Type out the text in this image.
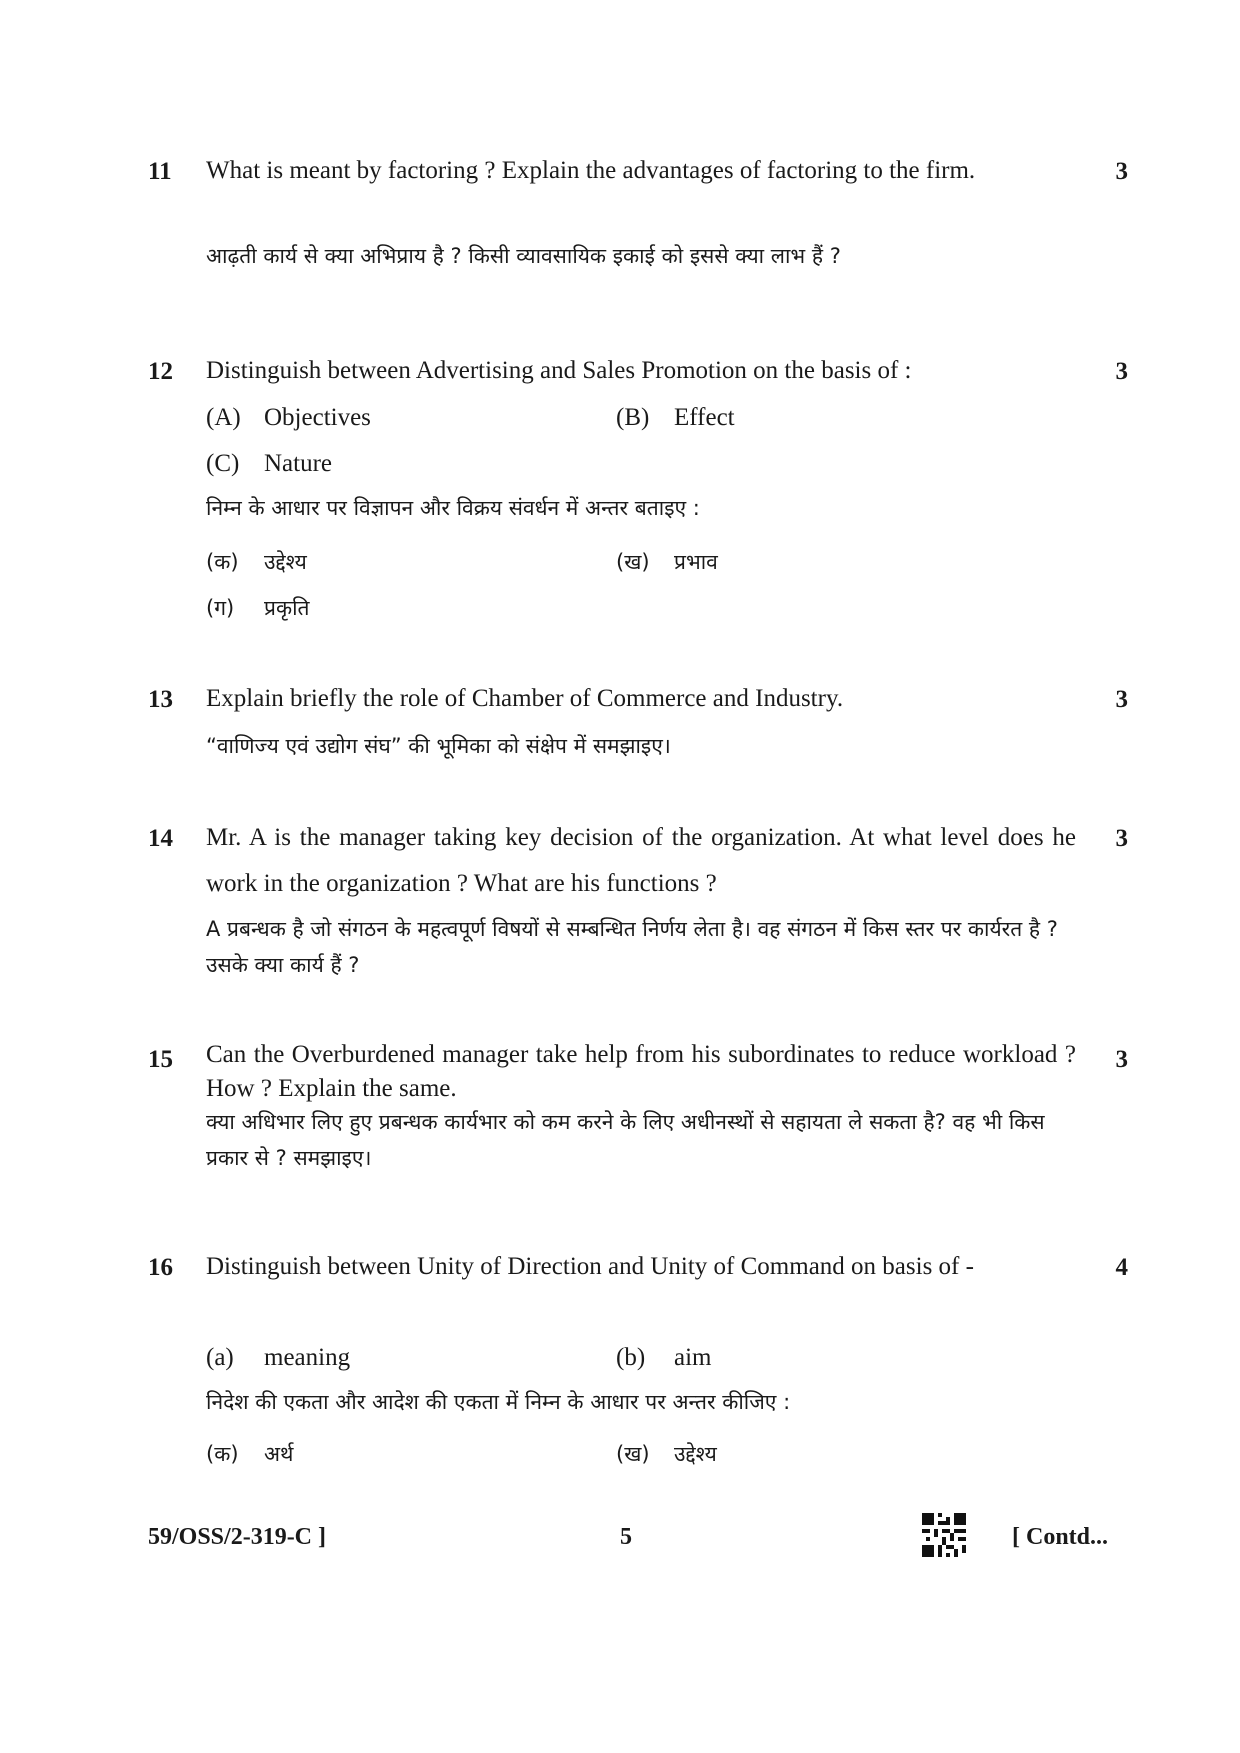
11	3
What is meant by factoring ? Explain the advantages of factoring to the firm.
आढ़ती कार्य से क्या अभिप्राय है ? किसी व्यावसायिक इकाई को इससे क्या लाभ हैं ?
12	3
Distinguish between Advertising and Sales Promotion on the basis of :
(A) Objectives	(B) Effect
(C) Nature
निम्न के आधार पर विज्ञापन और विक्रय संवर्धन में अन्तर बताइए :
(क) उद्देश्य	(ख) प्रभाव
(ग) प्रकृति
13	3
Explain briefly the role of Chamber of Commerce and Industry.
“वाणिज्य एवं उद्योग संघ” की भूमिका को संक्षेप में समझाइए।
14	3
Mr. A is the manager taking key decision of the organization. At what level does he work in the organization ? What are his functions ?
A प्रबन्धक है जो संगठन के महत्वपूर्ण विषयों से सम्बन्धित निर्णय लेता है। वह संगठन में किस स्तर पर कार्यरत है ? उसके क्या कार्य हैं ?
15	3
Can the Overburdened manager take help from his subordinates to reduce workload ? How ? Explain the same.
क्या अधिभार लिए हुए प्रबन्धक कार्यभार को कम करने के लिए अधीनस्थों से सहायता ले सकता है? वह भी किस प्रकार से ? समझाइए।
16	4
Distinguish between Unity of Direction and Unity of Command on basis of -
(a) meaning	(b) aim
निदेश की एकता और आदेश की एकता में निम्न के आधार पर अन्तर कीजिए :
(क) अर्थ	(ख) उद्देश्य
59/OSS/2-319-C ]	5	[ Contd...
